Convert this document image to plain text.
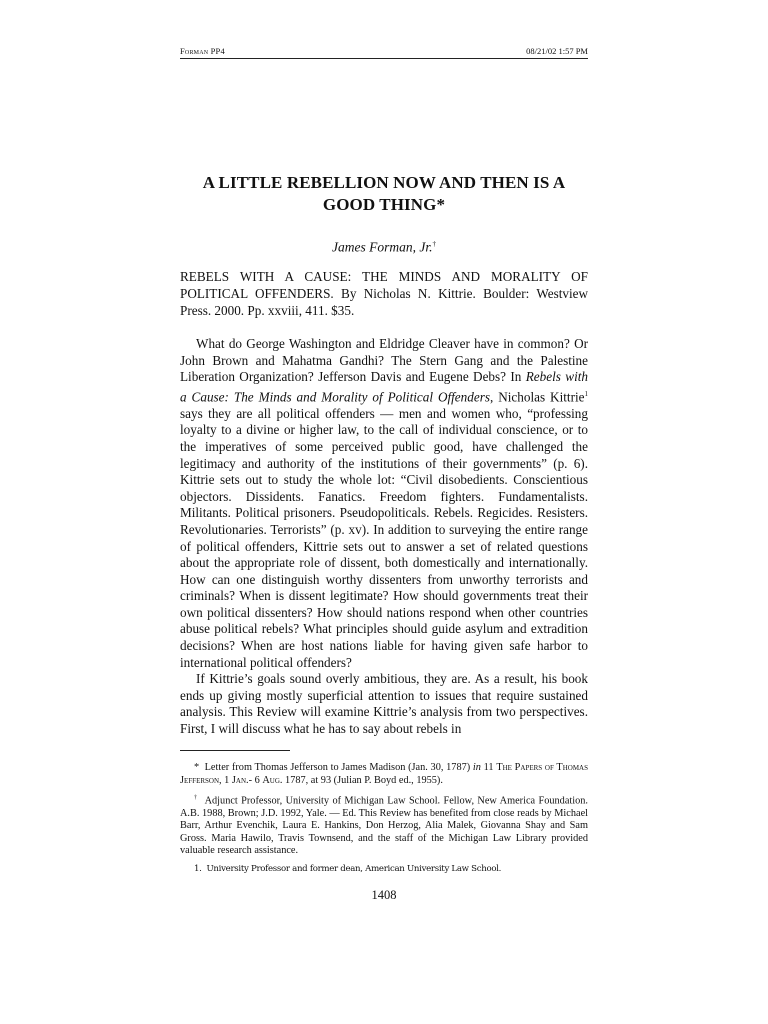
Forman PP4	08/21/02 1:57 PM
A LITTLE REBELLION NOW AND THEN IS A
GOOD THING*
James Forman, Jr.†
REBELS WITH A CAUSE: THE MINDS AND MORALITY OF POLITICAL OFFENDERS. By Nicholas N. Kittrie. Boulder: Westview Press. 2000. Pp. xxviii, 411. $35.

What do George Washington and Eldridge Cleaver have in common? Or John Brown and Mahatma Gandhi? The Stern Gang and the Palestine Liberation Organization? Jefferson Davis and Eugene Debs? In Rebels with a Cause: The Minds and Morality of Political Offenders, Nicholas Kittrie$^1$ says they are all political offenders — men and women who, “professing loyalty to a divine or higher law, to the call of individual conscience, or to the imperatives of some perceived public good, have challenged the legitimacy and authority of the institutions of their governments” (p. 6). Kittrie sets out to study the whole lot: “Civil disobedients. Conscientious objectors. Dissidents. Fanatics. Freedom fighters. Fundamentalists. Militants. Political prisoners. Pseudopoliticals. Rebels. Regicides. Resisters. Revolutionaries. Terrorists” (p. xv). In addition to surveying the entire range of political offenders, Kittrie sets out to answer a set of related questions about the appropriate role of dissent, both domestically and internationally. How can one distinguish worthy dissenters from unworthy terrorists and criminals? When is dissent legitimate? How should governments treat their own political dissenters? How should nations respond when other countries abuse political rebels? What principles should guide asylum and extradition decisions? When are host nations liable for having given safe harbor to international political offenders?

If Kittrie’s goals sound overly ambitious, they are. As a result, his book ends up giving mostly superficial attention to issues that require sustained analysis. This Review will examine Kittrie’s analysis from two perspectives. First, I will discuss what he has to say about rebels in

* Letter from Thomas Jefferson to James Madison (Jan. 30, 1787) in 11 The Papers of Thomas Jefferson, 1 Jan.- 6 Aug. 1787, at 93 (Julian P. Boyd ed., 1955).

† Adjunct Professor, University of Michigan Law School. Fellow, New America Foundation. A.B. 1988, Brown; J.D. 1992, Yale. — Ed. This Review has benefited from close reads by Michael Barr, Arthur Evenchik, Laura E. Hankins, Don Herzog, Alia Malek, Giovanna Shay and Sam Gross. Maria Hawilo, Travis Townsend, and the staff of the Michigan Law Library provided valuable research assistance.

1. University Professor and former dean, American University Law School.

1408
